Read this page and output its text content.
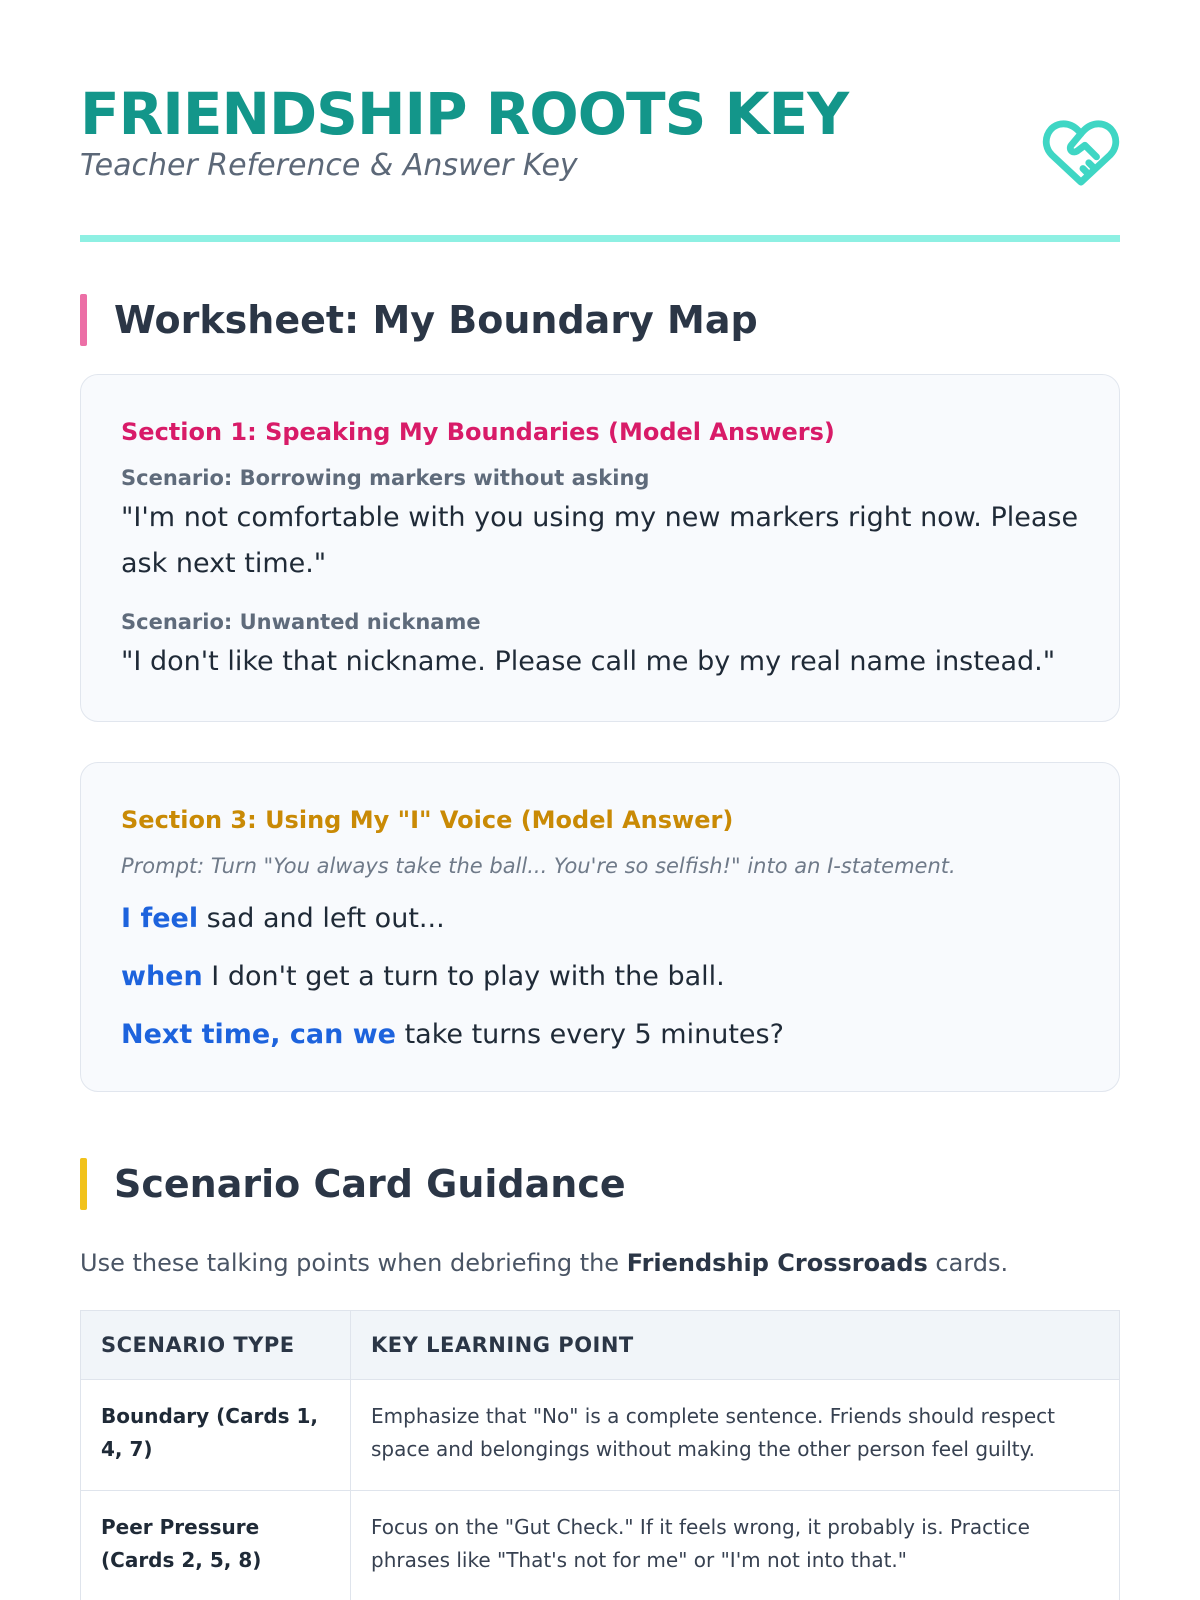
FRIENDSHIP ROOTS KEY
Teacher Reference & Answer Key
Worksheet: My Boundary Map
Section 1: Speaking My Boundaries (Model Answers)
Scenario: Borrowing markers without asking
"I'm not comfortable with you using my new markers right now. Please ask next time."
Scenario: Unwanted nickname
"I don't like that nickname. Please call me by my real name instead."
Section 3: Using My "I" Voice (Model Answer)
Prompt: Turn "You always take the ball... You're so selfish!" into an I-statement.
I feel sad and left out...
when I don't get a turn to play with the ball.
Next time, can we take turns every 5 minutes?
Scenario Card Guidance
Use these talking points when debriefing the Friendship Crossroads cards.
SCENARIO TYPE	KEY LEARNING POINT
Boundary (Cards 1, 4, 7)	Emphasize that "No" is a complete sentence. Friends should respect space and belongings without making the other person feel guilty.
Peer Pressure (Cards 2, 5, 8)	Focus on the "Gut Check." If it feels wrong, it probably is. Practice phrases like "That's not for me" or "I'm not into that."
